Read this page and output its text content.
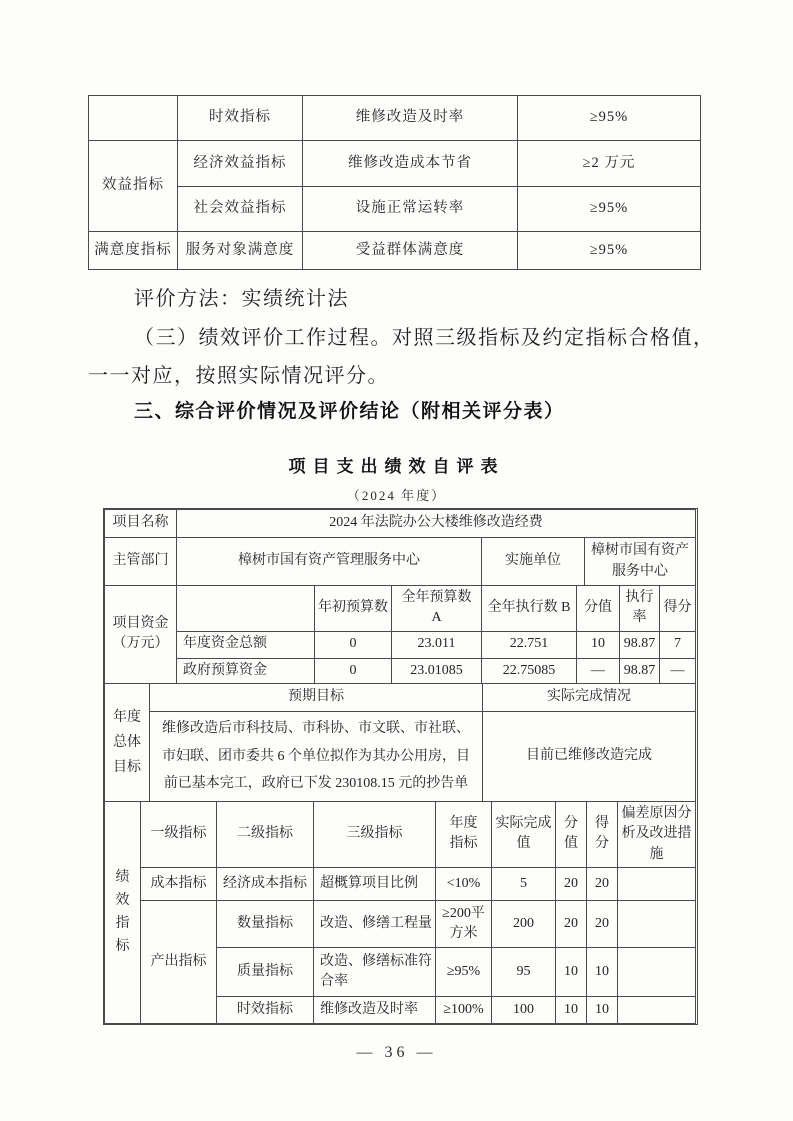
	时效指标	维修改造及时率	≥95%
效益指标	经济效益指标	维修改造成本节省	≥2 万元
	社会效益指标	设施正常运转率	≥95%
满意度指标	服务对象满意度	受益群体满意度	≥95%
评价方法：实绩统计法
（三）绩效评价工作过程。对照三级指标及约定指标合格值，
一一对应，按照实际情况评分。
三、综合评价情况及评价结论（附相关评分表）
项目支出绩效自评表
（2024 年度）
项目名称	2024 年法院办公大楼维修改造经费		
主管部门	樟树市国有资产管理服务中心	实施单位	樟树市国有资产服务中心
项目资金（万元）		年初预算数	全年预算数 A	全年执行数 B	分值	执行率	得分
	年度资金总额	0	23.011	22.751	10	98.87	7
	政府预算资金	0	23.01085	22.75085	—	98.87	—
年度总体目标	预期目标	实际完成情况
	维修改造后市科技局、市科协、市文联、市社联、市妇联、团市委共 6 个单位拟作为其办公用房，目前已基本完工，政府已下发 230108.15 元的抄告单	目前已维修改造完成
绩效指标	一级指标	二级指标	三级指标	年度指标	实际完成值	分值	得分	偏差原因分析及改进措施
	成本指标	经济成本指标	超概算项目比例	<10%	5	20	20	
	产出指标	数量指标	改造、修缮工程量	≥200平方米	200	20	20	
		质量指标	改造、修缮标准符合率	≥95%	95	10	10	
		时效指标	维修改造及时率	≥100%	100	10	10	
— 36 —
